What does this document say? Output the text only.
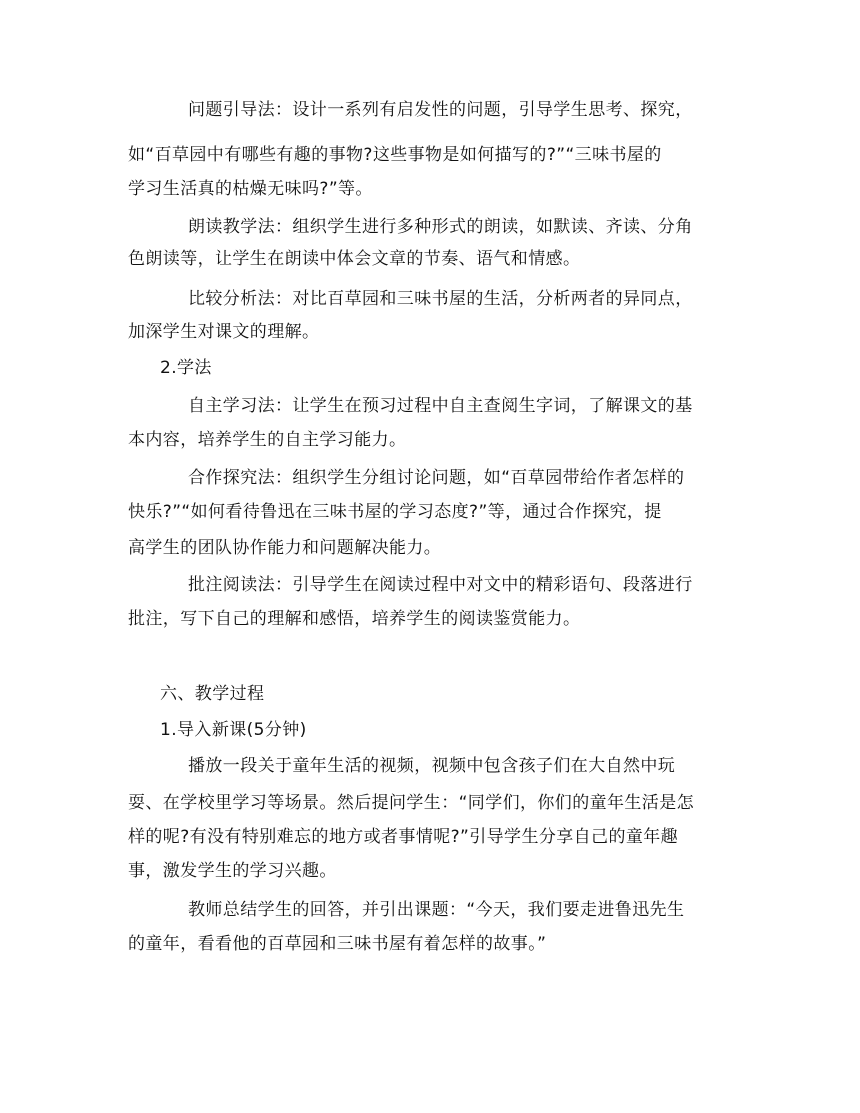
问题引导法：设计一系列有启发性的问题，引导学生思考、探究，
如“百草园中有哪些有趣的事物?这些事物是如何描写的?”“三味书屋的
学习生活真的枯燥无味吗?”等。
朗读教学法：组织学生进行多种形式的朗读，如默读、齐读、分角
色朗读等，让学生在朗读中体会文章的节奏、语气和情感。
比较分析法：对比百草园和三味书屋的生活，分析两者的异同点，
加深学生对课文的理解。
2.学法
自主学习法：让学生在预习过程中自主查阅生字词，了解课文的基
本内容，培养学生的自主学习能力。
合作探究法：组织学生分组讨论问题，如“百草园带给作者怎样的
快乐?”“如何看待鲁迅在三味书屋的学习态度?”等，通过合作探究，提
高学生的团队协作能力和问题解决能力。
批注阅读法：引导学生在阅读过程中对文中的精彩语句、段落进行
批注，写下自己的理解和感悟，培养学生的阅读鉴赏能力。
六、教学过程
1.导入新课(5分钟)
播放一段关于童年生活的视频，视频中包含孩子们在大自然中玩
耍、在学校里学习等场景。然后提问学生：“同学们，你们的童年生活是怎
样的呢?有没有特别难忘的地方或者事情呢?”引导学生分享自己的童年趣
事，激发学生的学习兴趣。
教师总结学生的回答，并引出课题：“今天，我们要走进鲁迅先生
的童年，看看他的百草园和三味书屋有着怎样的故事。”
